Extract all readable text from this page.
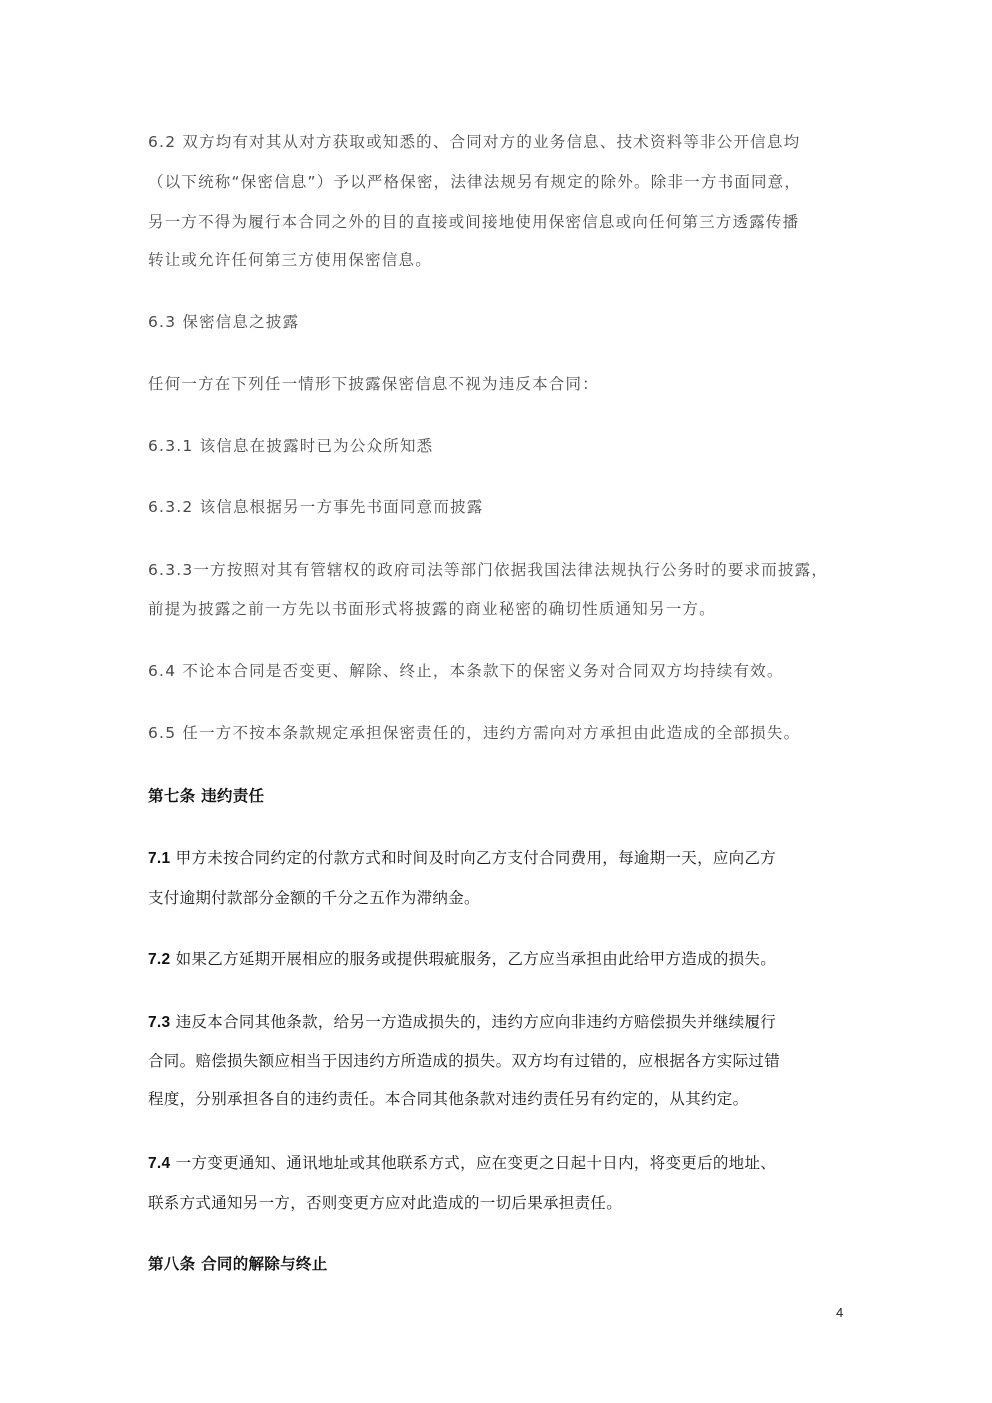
6.2 双方均有对其从对方获取或知悉的、合同对方的业务信息、技术资料等非公开信息均
（以下统称“保密信息”）予以严格保密，法律法规另有规定的除外。除非一方书面同意，
另一方不得为履行本合同之外的目的直接或间接地使用保密信息或向任何第三方透露传播
转让或允许任何第三方使用保密信息。
6.3 保密信息之披露
任何一方在下列任一情形下披露保密信息不视为违反本合同：
6.3.1 该信息在披露时已为公众所知悉
6.3.2 该信息根据另一方事先书面同意而披露
6.3.3一方按照对其有管辖权的政府司法等部门依据我国法律法规执行公务时的要求而披露，
前提为披露之前一方先以书面形式将披露的商业秘密的确切性质通知另一方。
6.4 不论本合同是否变更、解除、终止，本条款下的保密义务对合同双方均持续有效。
6.5 任一方不按本条款规定承担保密责任的，违约方需向对方承担由此造成的全部损失。
第七条 违约责任
7.1 甲方未按合同约定的付款方式和时间及时向乙方支付合同费用，每逾期一天，应向乙方
支付逾期付款部分金额的千分之五作为滞纳金。
7.2 如果乙方延期开展相应的服务或提供瑕疵服务，乙方应当承担由此给甲方造成的损失。
7.3 违反本合同其他条款，给另一方造成损失的，违约方应向非违约方赔偿损失并继续履行
合同。赔偿损失额应相当于因违约方所造成的损失。双方均有过错的，应根据各方实际过错
程度，分别承担各自的违约责任。本合同其他条款对违约责任另有约定的，从其约定。
7.4 一方变更通知、通讯地址或其他联系方式，应在变更之日起十日内，将变更后的地址、
联系方式通知另一方，否则变更方应对此造成的一切后果承担责任。
第八条 合同的解除与终止
4
